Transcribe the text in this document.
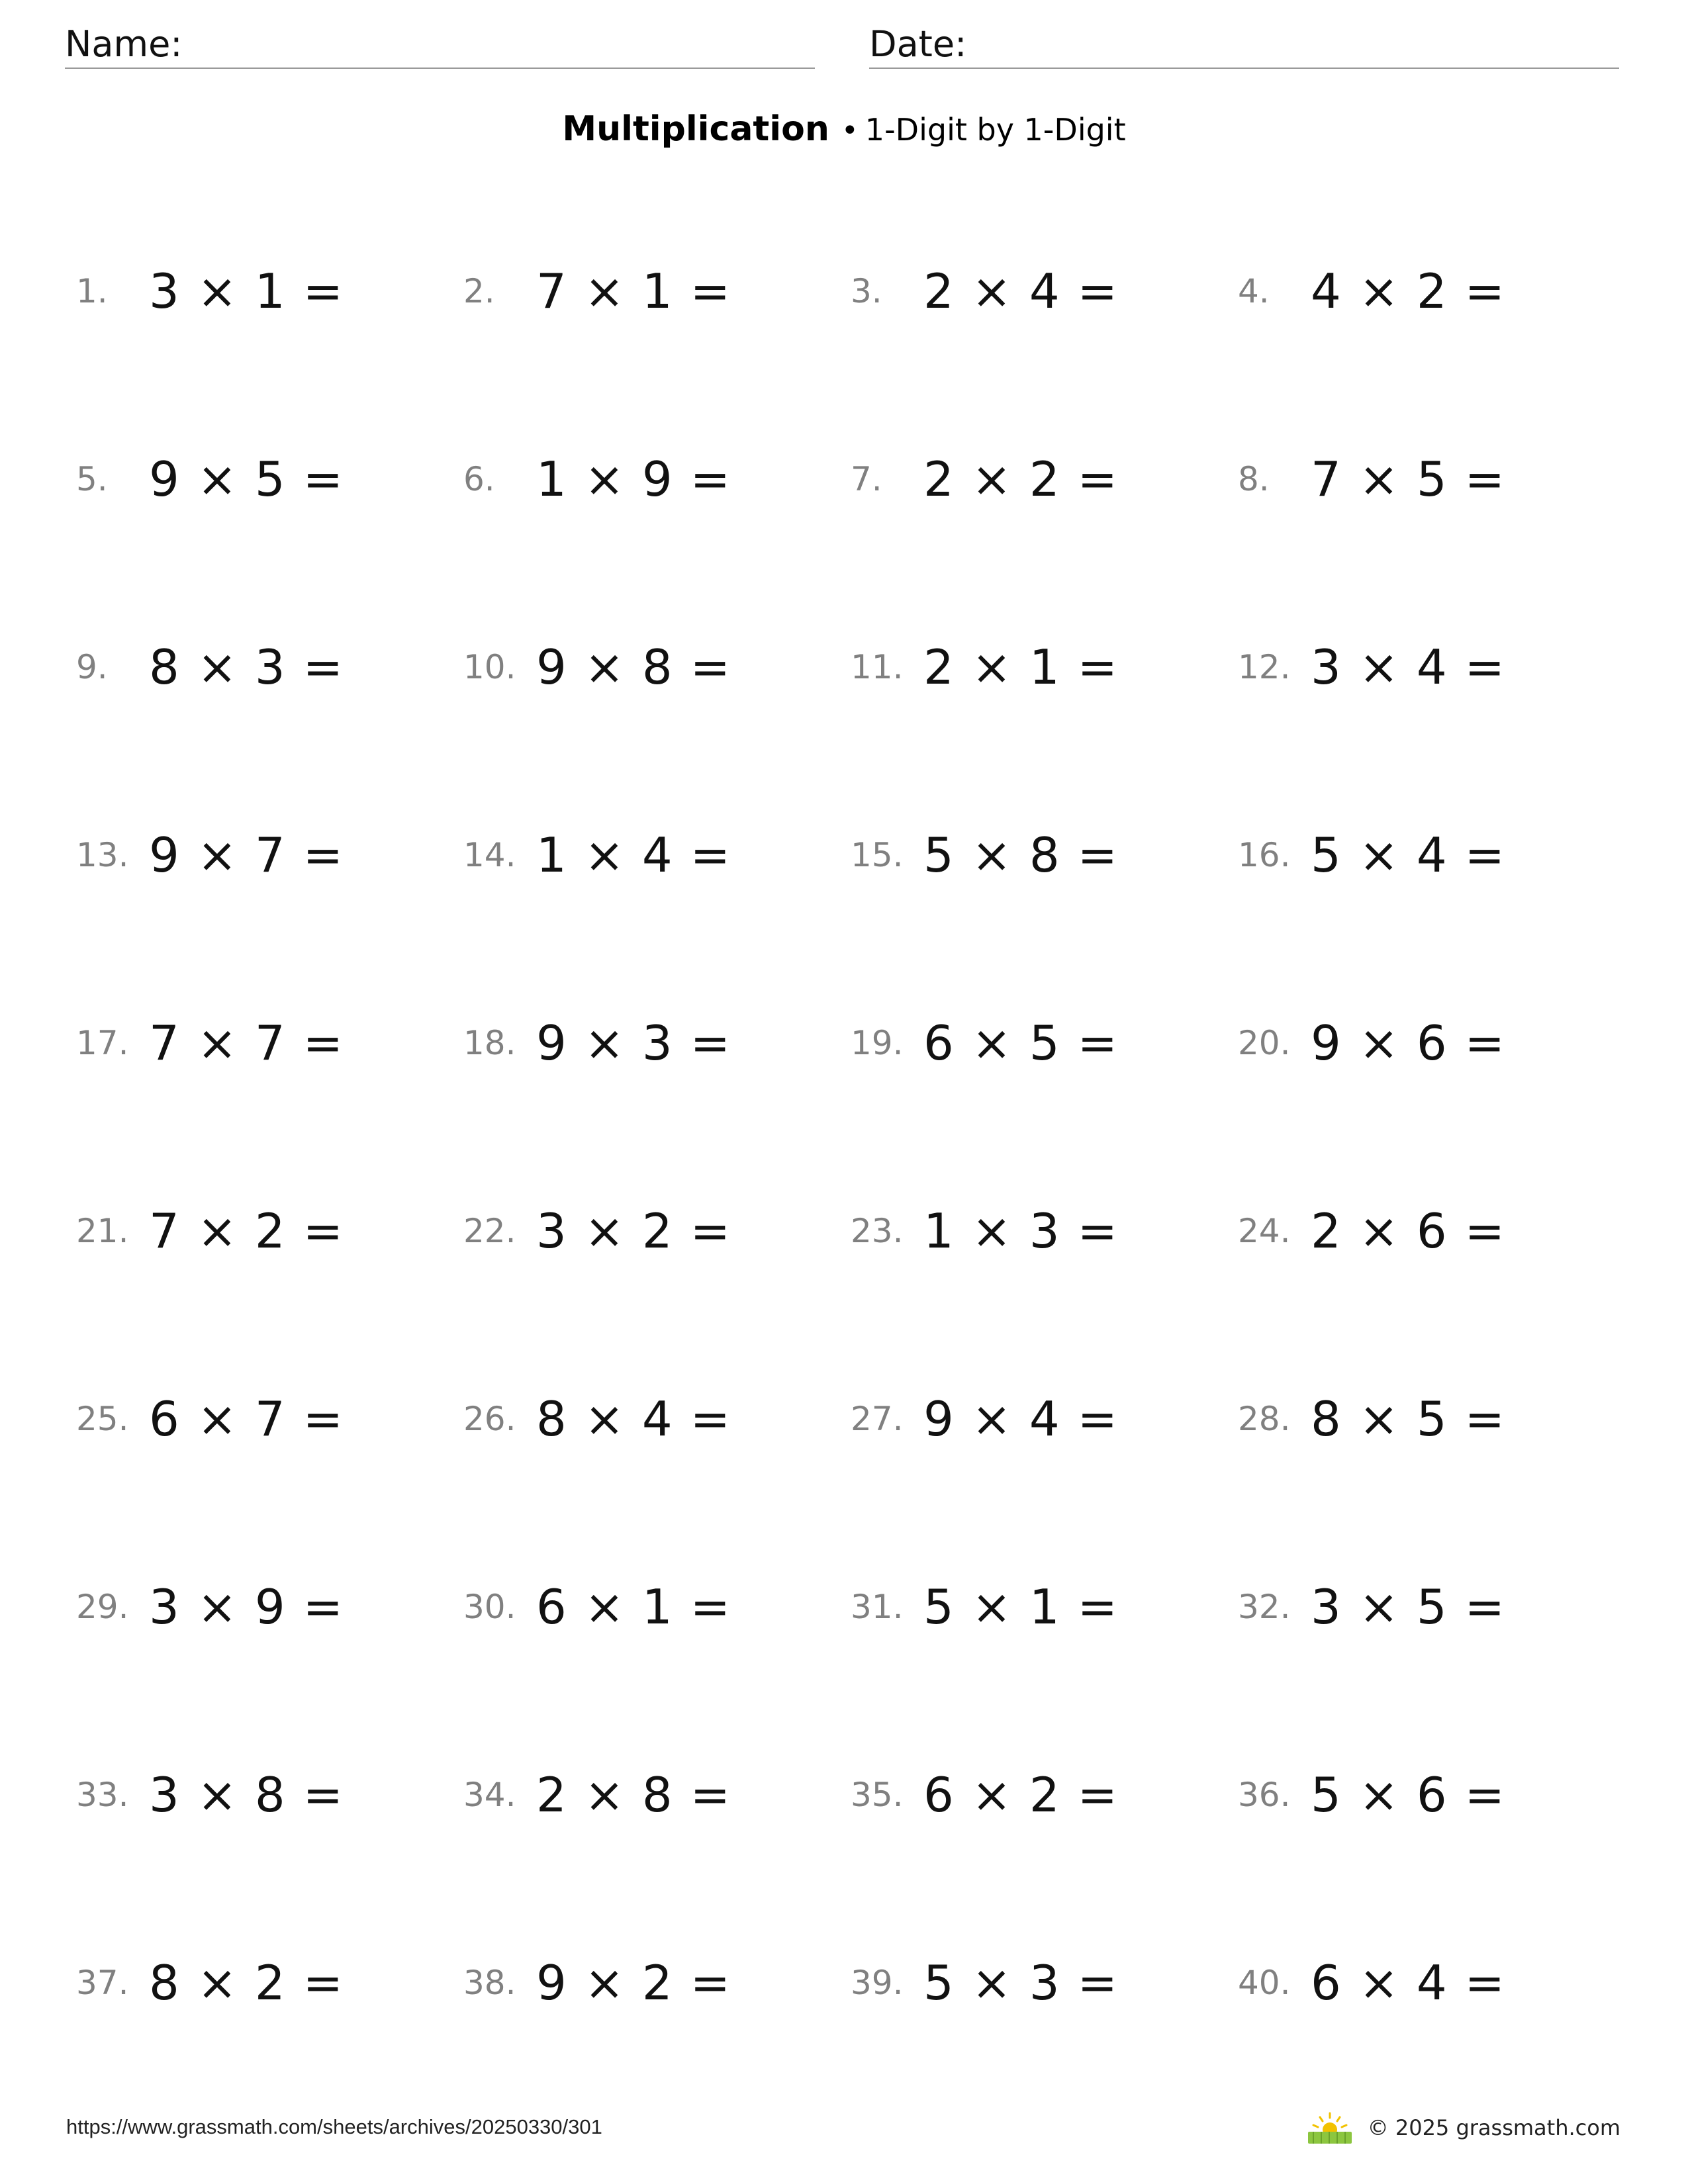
Name:	Date:
Multiplication • 1-Digit by 1-Digit
1. 3 × 1 =	2. 7 × 1 =	3. 2 × 4 =	4. 4 × 2 =
5. 9 × 5 =	6. 1 × 9 =	7. 2 × 2 =	8. 7 × 5 =
9. 8 × 3 =	10. 9 × 8 =	11. 2 × 1 =	12. 3 × 4 =
13. 9 × 7 =	14. 1 × 4 =	15. 5 × 8 =	16. 5 × 4 =
17. 7 × 7 =	18. 9 × 3 =	19. 6 × 5 =	20. 9 × 6 =
21. 7 × 2 =	22. 3 × 2 =	23. 1 × 3 =	24. 2 × 6 =
25. 6 × 7 =	26. 8 × 4 =	27. 9 × 4 =	28. 8 × 5 =
29. 3 × 9 =	30. 6 × 1 =	31. 5 × 1 =	32. 3 × 5 =
33. 3 × 8 =	34. 2 × 8 =	35. 6 × 2 =	36. 5 × 6 =
37. 8 × 2 =	38. 9 × 2 =	39. 5 × 3 =	40. 6 × 4 =
https://www.grassmath.com/sheets/archives/20250330/301	© 2025 grassmath.com
